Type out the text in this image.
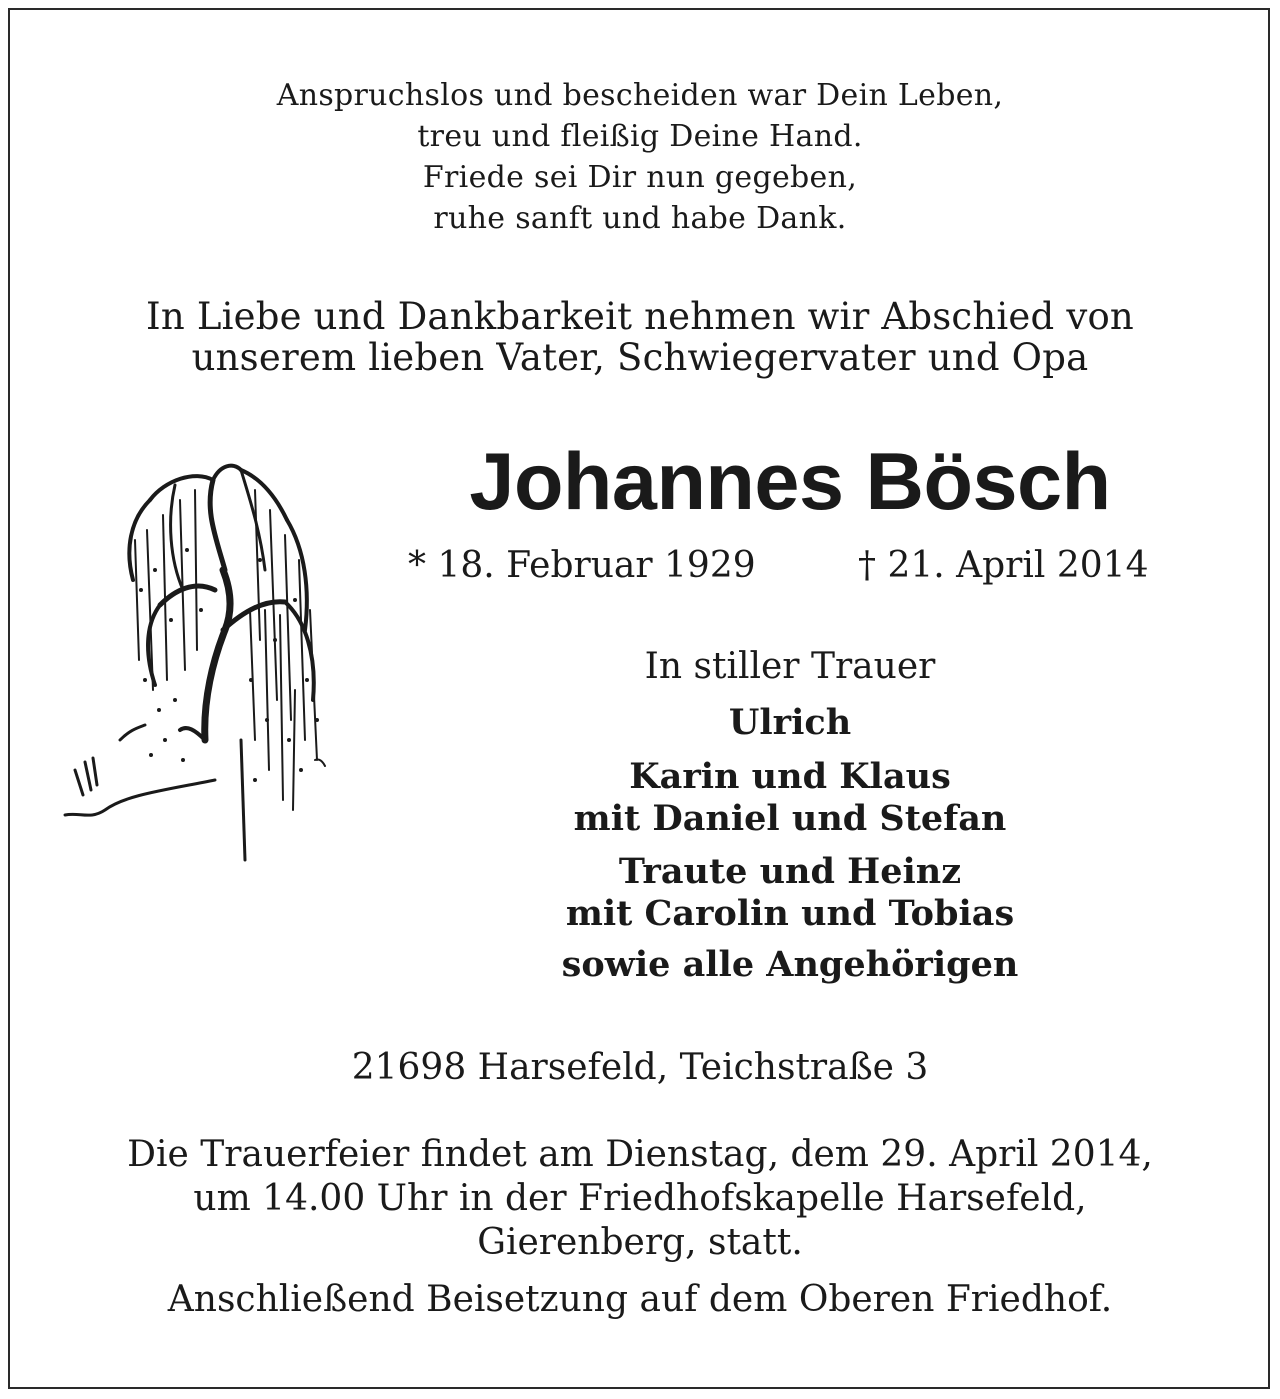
Anspruchslos und bescheiden war Dein Leben,
treu und fleißig Deine Hand.
Friede sei Dir nun gegeben,
ruhe sanft und habe Dank.
In Liebe und Dankbarkeit nehmen wir Abschied von
unserem lieben Vater, Schwiegervater und Opa
Johannes Bösch
* 18. Februar 1929	† 21. April 2014
In stiller Trauer
Ulrich
Karin und Klaus
mit Daniel und Stefan
Traute und Heinz
mit Carolin und Tobias
sowie alle Angehörigen
21698 Harsefeld, Teichstraße 3
Die Trauerfeier findet am Dienstag, dem 29. April 2014,
um 14.00 Uhr in der Friedhofskapelle Harsefeld,
Gierenberg, statt.
Anschließend Beisetzung auf dem Oberen Friedhof.
